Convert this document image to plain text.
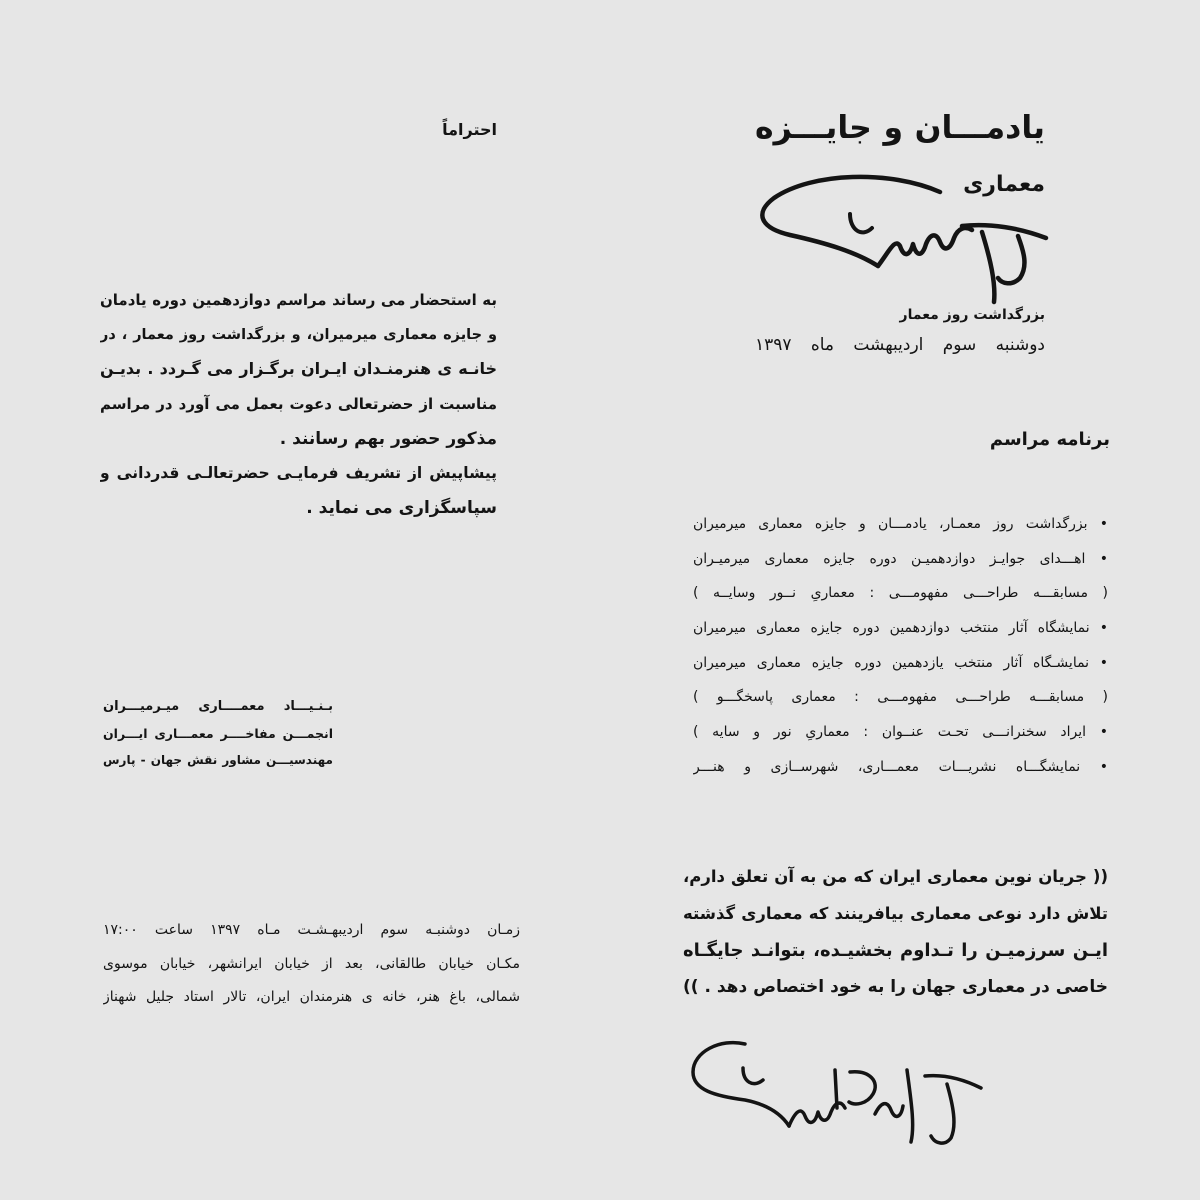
احتراماً
به استحضار می رساند مراسم دوازدهمین دوره یادمان
و جایزه معماری میرمیران، و بزرگداشت روز معمار ، در
خانـه ی هنرمنـدان ایـران برگـزار می گـردد . بدیـن
مناسبت از حضرتعالی دعوت بعمل می آورد در مراسم
مذکور حضور بهم رسانند .
پیشاپیش از تشریف فرمایـی حضرتعالـی قدردانی و
سپاسگزاری می نماید .
بـنـیـــاد معمــــاری میـرمیـــران
انجمـــن مفاخــــر معمـــاری ایـــران
مهندسیـــن مشاور نقش جهان - پارس
زمـان دوشنبـه سوم اردیبهـشـت مـاه ۱۳۹۷ ساعت ۱۷:۰۰
مکـان خیابان طالقانی، بعد از خیابان ایرانشهر، خیابان موسوی
شمالی، باغ هنر، خانه ی هنرمندان ایران، تالار استاد جلیل شهناز
یادمـــان و جایـــزه
معماری
بزرگداشت روز معمار
دوشنبه سوم اردیبهشت ماه ۱۳۹۷
برنامه مراسم
• بزرگداشت روز معمـار، یادمـــان و جایزه معماری میرمیران
• اهـــدای جوایـز دوازدهمیـن دوره جایزه معماری میرمیـران
( مسابقـــه طراحـــی مفهومـــی : معماریِ نــور وسایــه )
• نمایشگاه آثار منتخب دوازدهمین دوره جایزه معماری میرمیران
• نمایشـگاه آثار منتخب یازدهمین دوره جایزه معماری میرمیران
( مسابقـــه طراحـــی مفهومـــی : معماری پاسخگـــو )
• ایراد سخنرانـــی تحـت عنــوان : معماریِ نور و سایه )
• نمایشگـــاه نشریـــات معمـــاری، شهرســازی و هنـــر
(( جریان نوین معماری ایران که من به آن تعلق دارم،
تلاش دارد نوعی معماری بیافرینند که معماری گذشته
ایـن سرزمیـن را تـداوم بخشیـده، بتوانـد جایگـاه
خاصی در معماری جهان را به خود اختصاص دهد . ))
